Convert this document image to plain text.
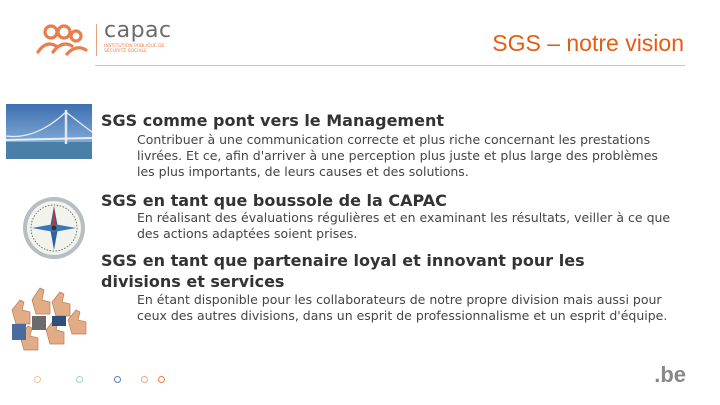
capac
INSTITUTION PUBLIQUE DE SÉCURITÉ SOCIALE	SGS – notre vision
SGS comme pont vers le Management
Contribuer à une communication correcte et plus riche concernant les prestations livrées. Et ce, afin d'arriver à une perception plus juste et plus large des problèmes les plus importants, de leurs causes et des solutions.
SGS en tant que boussole de la CAPAC
En réalisant des évaluations régulières et en examinant les résultats, veiller à ce que des actions adaptées soient prises.
SGS en tant que partenaire loyal et innovant pour les divisions et services
En étant disponible pour les collaborateurs de notre propre division mais aussi pour ceux des autres divisions, dans un esprit de professionnalisme et un esprit d'équipe.
.be
